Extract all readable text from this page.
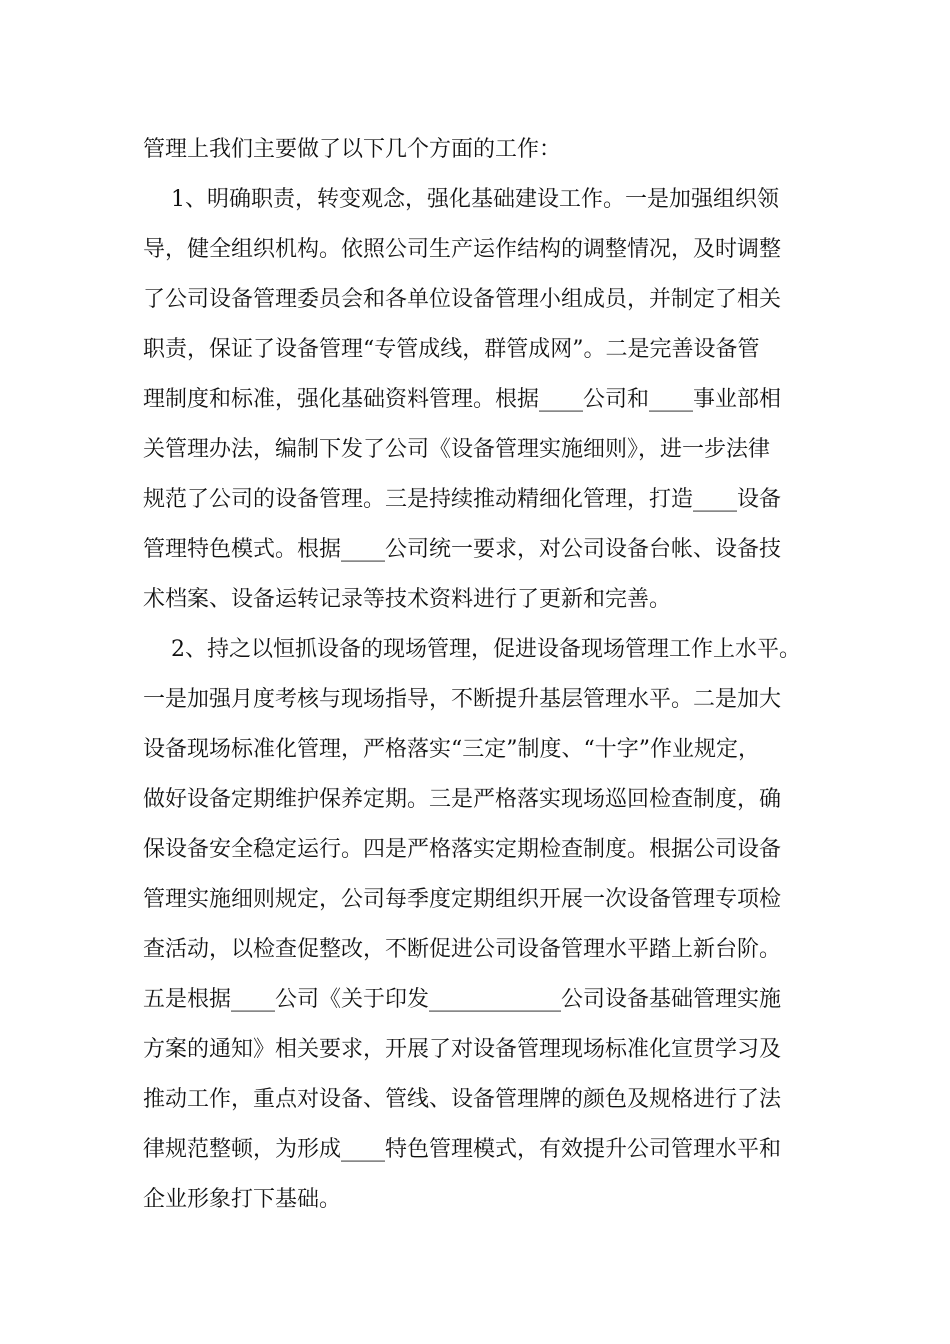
管理上我们主要做了以下几个方面的工作：
1、明确职责，转变观念，强化基础建设工作。一是加强组织领
导，健全组织机构。依照公司生产运作结构的调整情况，及时调整
了公司设备管理委员会和各单位设备管理小组成员，并制定了相关
职责，保证了设备管理“专管成线，群管成网”。二是完善设备管
理制度和标准，强化基础资料管理。根据____公司和____事业部相
关管理办法，编制下发了公司《设备管理实施细则》，进一步法律
规范了公司的设备管理。三是持续推动精细化管理，打造____设备
管理特色模式。根据____公司统一要求，对公司设备台帐、设备技
术档案、设备运转记录等技术资料进行了更新和完善。
2、持之以恒抓设备的现场管理，促进设备现场管理工作上水平。
一是加强月度考核与现场指导，不断提升基层管理水平。二是加大
设备现场标准化管理，严格落实“三定”制度、“十字”作业规定，
做好设备定期维护保养定期。三是严格落实现场巡回检查制度，确
保设备安全稳定运行。四是严格落实定期检查制度。根据公司设备
管理实施细则规定，公司每季度定期组织开展一次设备管理专项检
查活动，以检查促整改，不断促进公司设备管理水平踏上新台阶。
五是根据____公司《关于印发____________公司设备基础管理实施
方案的通知》相关要求，开展了对设备管理现场标准化宣贯学习及
推动工作，重点对设备、管线、设备管理牌的颜色及规格进行了法
律规范整顿，为形成____特色管理模式，有效提升公司管理水平和
企业形象打下基础。
